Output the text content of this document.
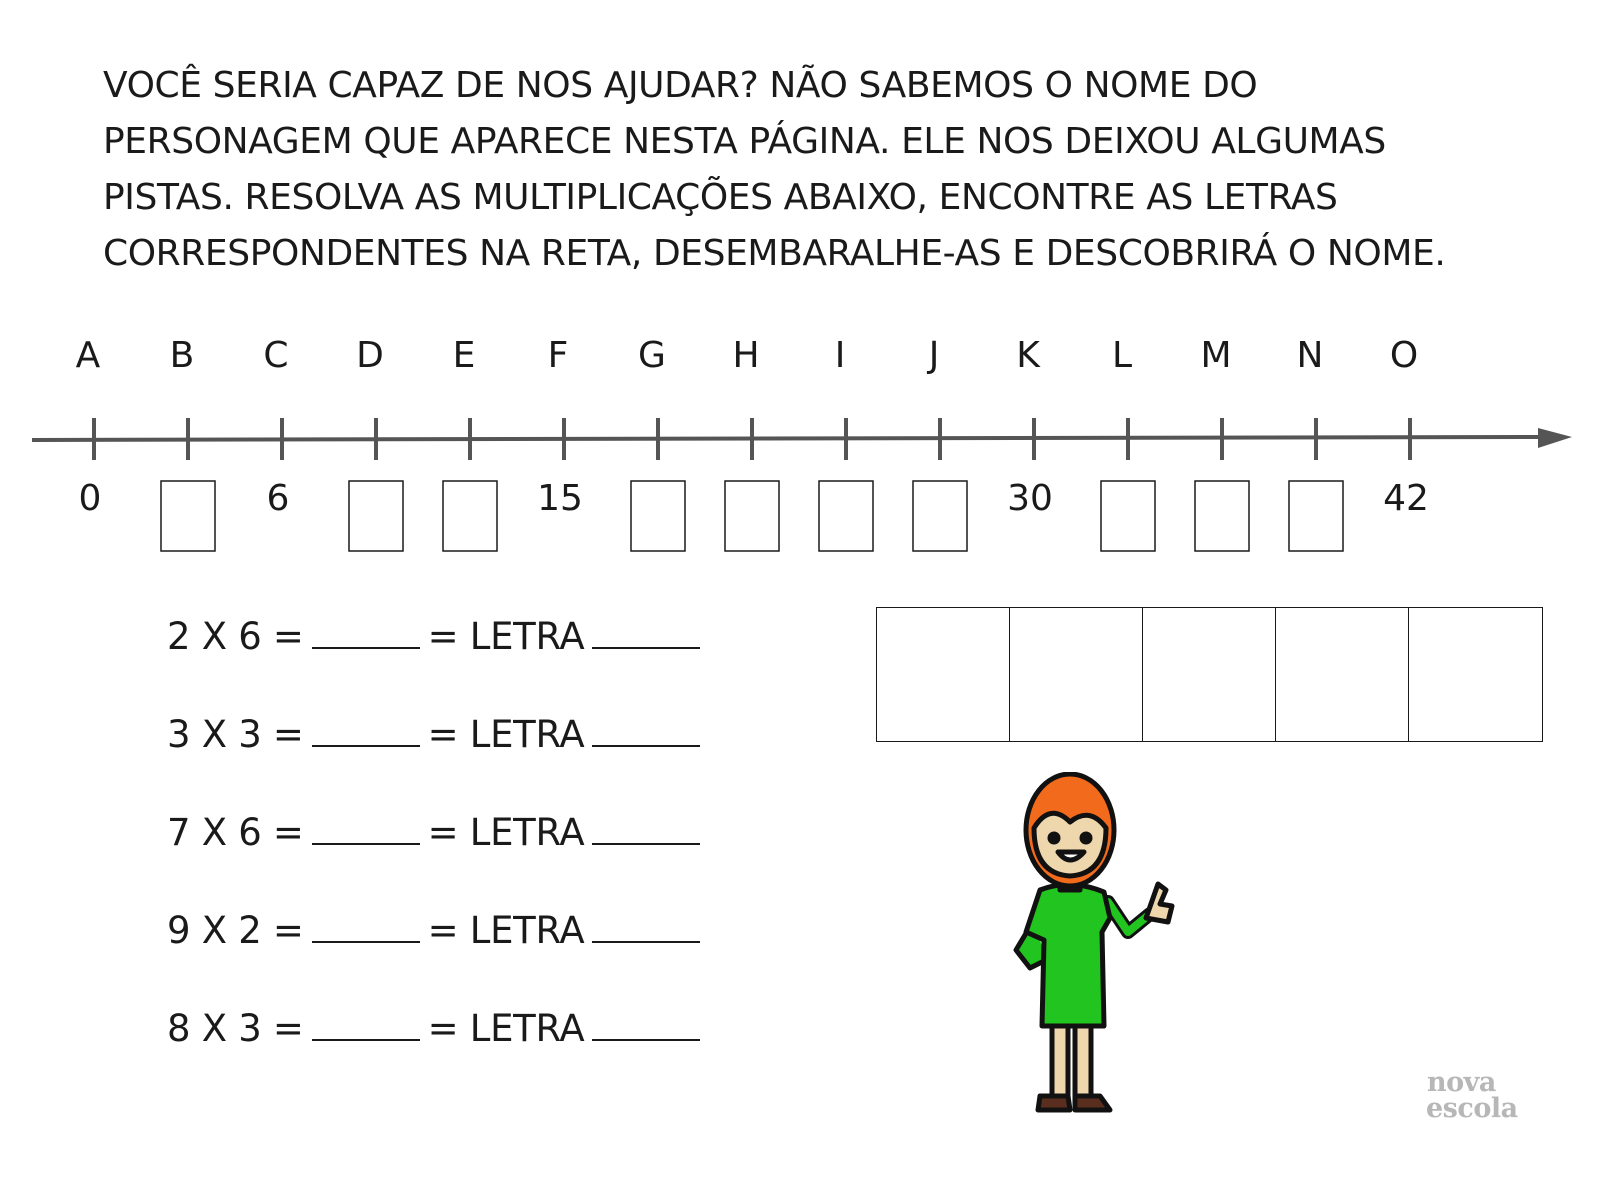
VOCÊ SERIA CAPAZ DE NOS AJUDAR? NÃO SABEMOS O NOME DO
PERSONAGEM QUE APARECE NESTA PÁGINA. ELE NOS DEIXOU ALGUMAS
PISTAS. RESOLVA AS MULTIPLICAÇÕES ABAIXO, ENCONTRE AS LETRAS
CORRESPONDENTES NA RETA, DESEMBARALHE-AS E DESCOBRIRÁ O NOME.

A
0
B C
6
D E F
15
G H I J K
30
L M N O
42
2 X 6 =	= LETRA
3 X 3 =	= LETRA
7 X 6 =	= LETRA
9 X 2 =	= LETRA
8 X 3 =	= LETRA
nova
escola
